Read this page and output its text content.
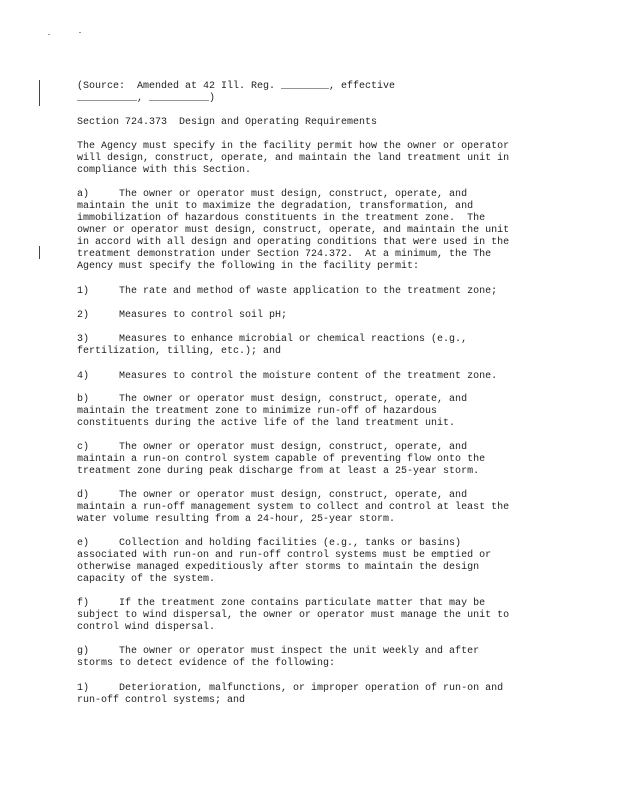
(Source:  Amended at 42 Ill. Reg. ________, effective

__________, __________)

Section 724.373  Design and Operating Requirements

The Agency must specify in the facility permit how the owner or operator

will design, construct, operate, and maintain the land treatment unit in

compliance with this Section.

a)     The owner or operator must design, construct, operate, and

maintain the unit to maximize the degradation, transformation, and

immobilization of hazardous constituents in the treatment zone.  The

owner or operator must design, construct, operate, and maintain the unit

in accord with all design and operating conditions that were used in the

treatment demonstration under Section 724.372.  At a minimum, the The

Agency must specify the following in the facility permit:

1)     The rate and method of waste application to the treatment zone;

2)     Measures to control soil pH;

3)     Measures to enhance microbial or chemical reactions (e.g.,

fertilization, tilling, etc.); and

4)     Measures to control the moisture content of the treatment zone.

b)     The owner or operator must design, construct, operate, and

maintain the treatment zone to minimize run-off of hazardous

constituents during the active life of the land treatment unit.

c)     The owner or operator must design, construct, operate, and

maintain a run-on control system capable of preventing flow onto the

treatment zone during peak discharge from at least a 25-year storm.

d)     The owner or operator must design, construct, operate, and

maintain a run-off management system to collect and control at least the

water volume resulting from a 24-hour, 25-year storm.

e)     Collection and holding facilities (e.g., tanks or basins)

associated with run-on and run-off control systems must be emptied or

otherwise managed expeditiously after storms to maintain the design

capacity of the system.

f)     If the treatment zone contains particulate matter that may be

subject to wind dispersal, the owner or operator must manage the unit to

control wind dispersal.

g)     The owner or operator must inspect the unit weekly and after

storms to detect evidence of the following:

1)     Deterioration, malfunctions, or improper operation of run-on and

run-off control systems; and
